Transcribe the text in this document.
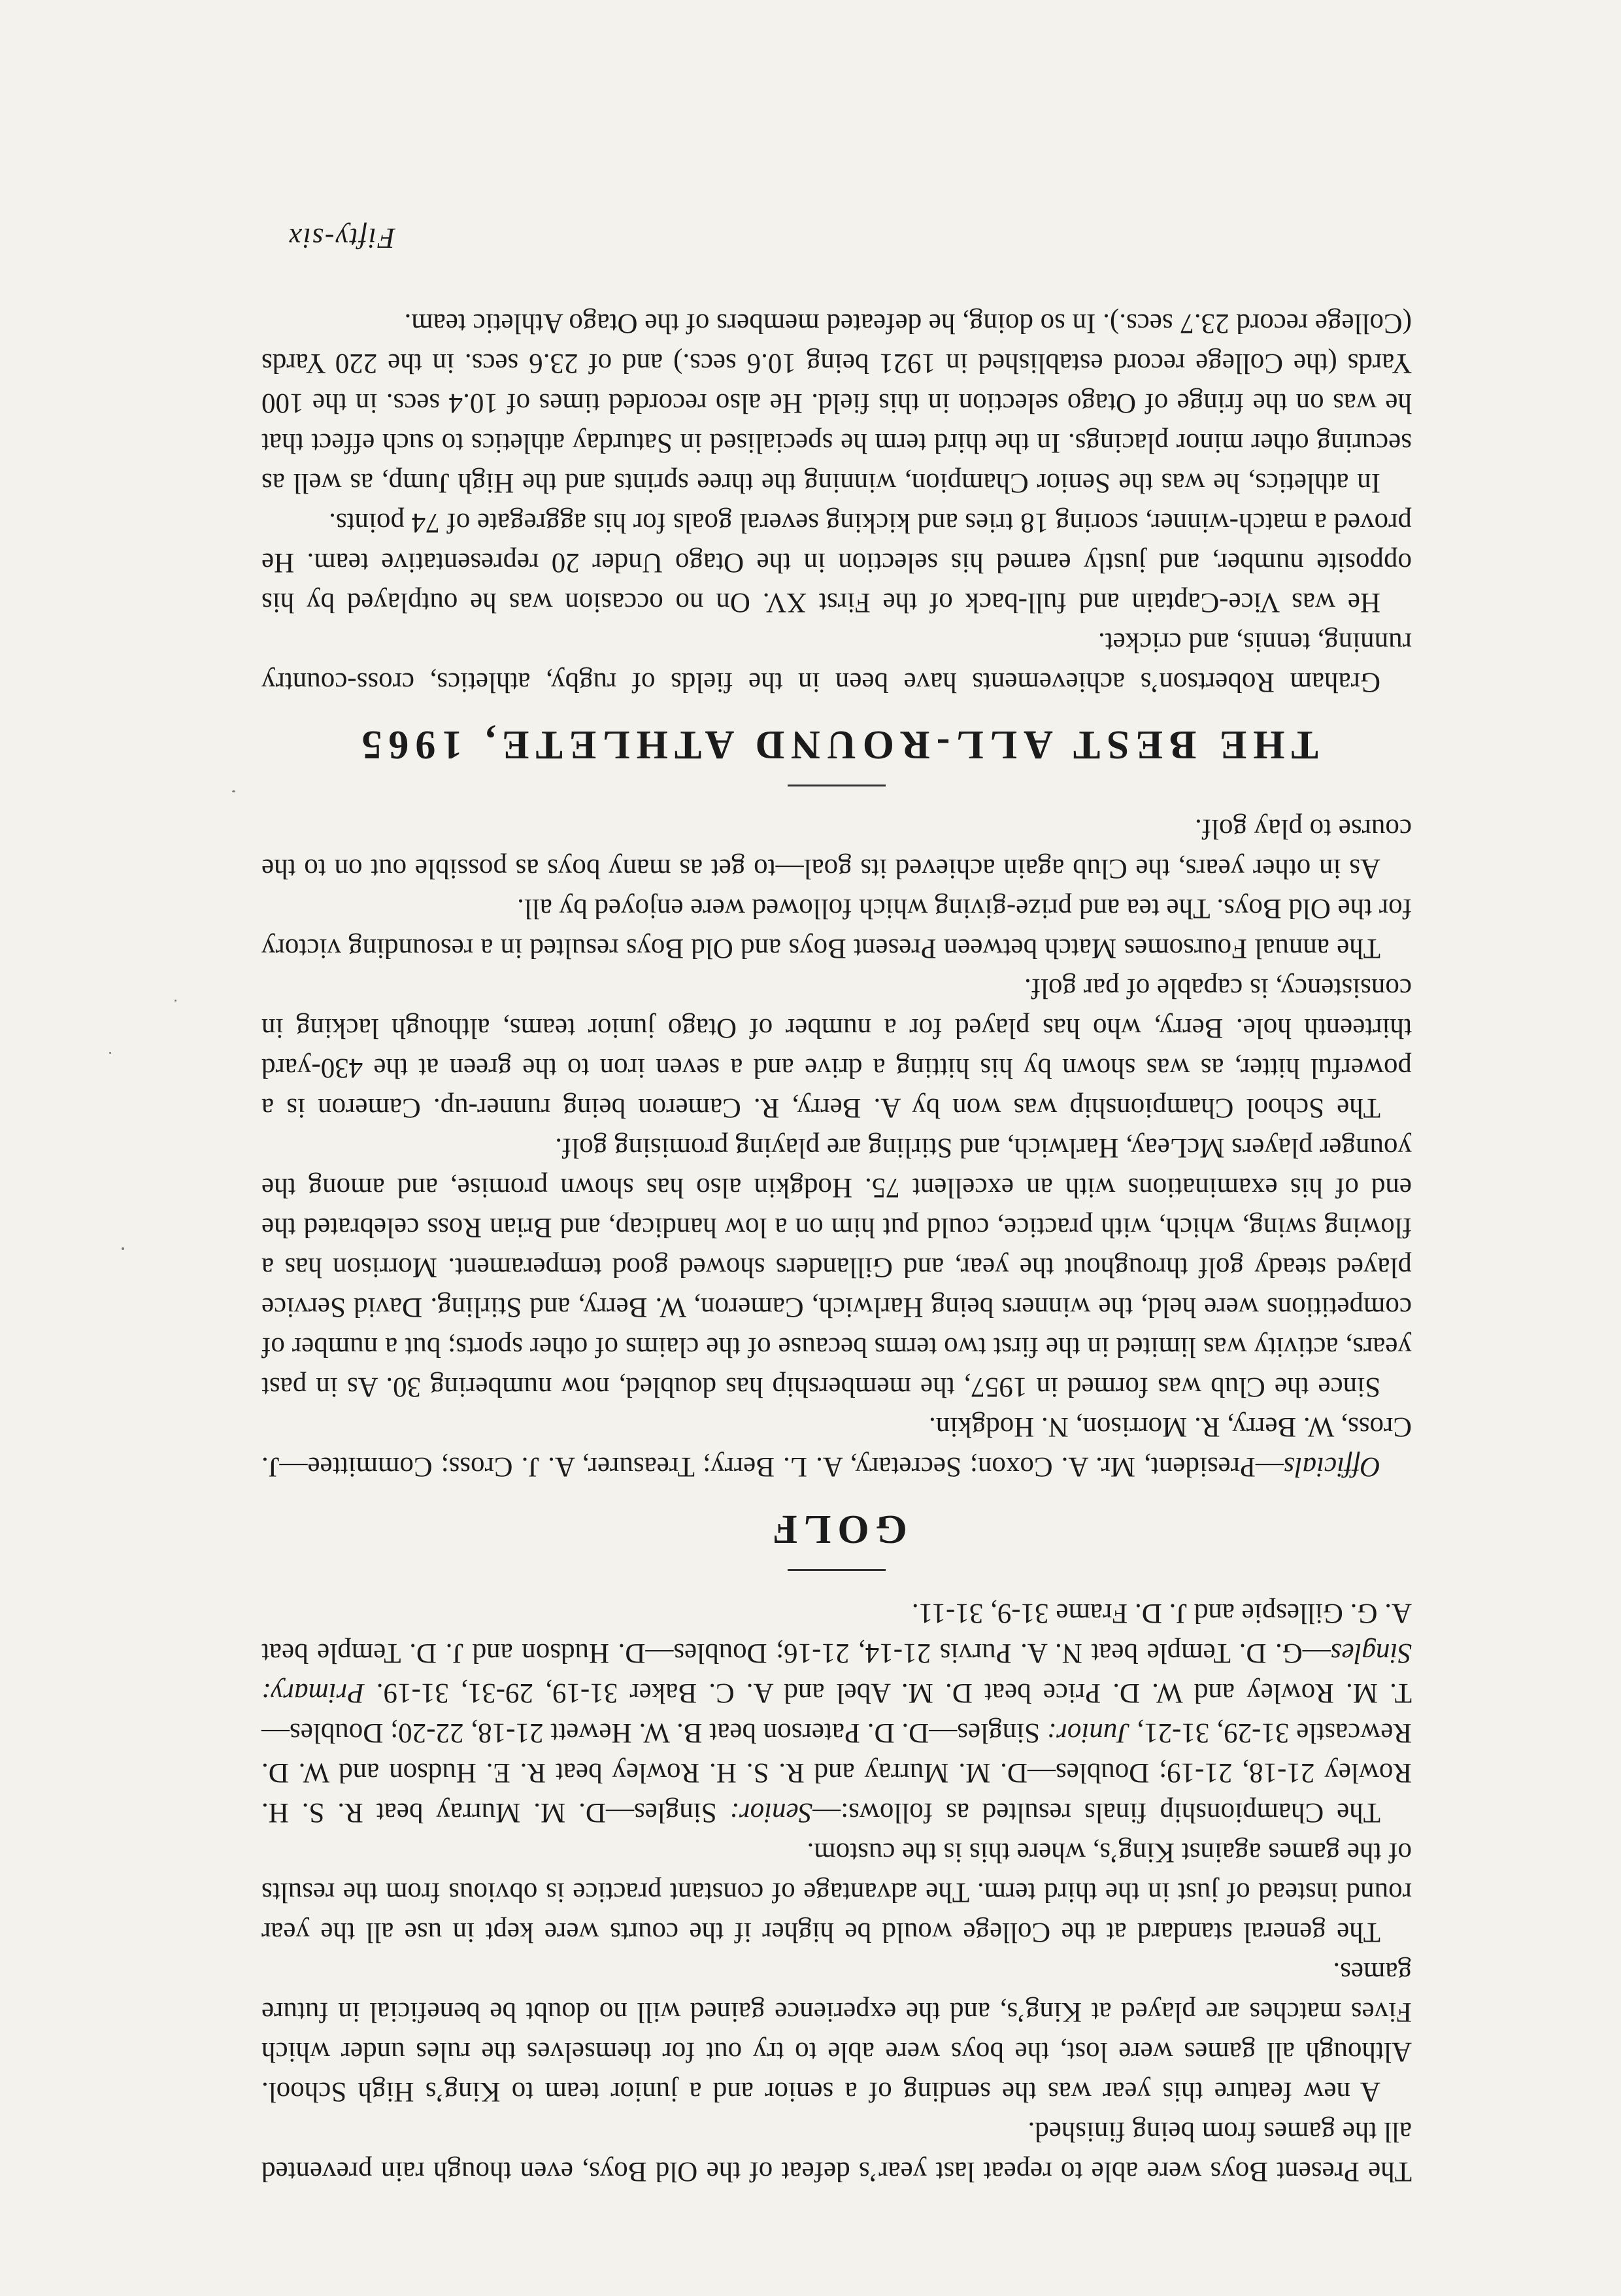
The Present Boys were able to repeat last year’s defeat of the Old Boys, even though rain prevented all the games from being finished.

A new feature this year was the sending of a senior and a junior team to King’s High School. Although all games were lost, the boys were able to try out for themselves the rules under which Fives matches are played at King’s, and the experience gained will no doubt be beneficial in future games.

The general standard at the College would be higher if the courts were kept in use all the year round instead of just in the third term. The advantage of constant practice is obvious from the results of the games against King’s, where this is the custom.

The Championship finals resulted as follows:—Senior: Singles—D. M. Murray beat R. S. H. Rowley 21-18, 21-19; Doubles—D. M. Murray and R. S. H. Rowley beat R. E. Hudson and W. D. Rewcastle 31-29, 31-21, Junior: Singles—D. D. Paterson beat B. W. Hewett 21-18, 22-20; Doubles—T. M. Rowley and W. D. Price beat D. M. Abel and A. C. Baker 31-19, 29-31, 31-19. Primary: Singles—G. D. Temple beat N. A. Purvis 21-14, 21-16; Doubles—D. Hudson and J. D. Temple beat A. G. Gillespie and J. D. Frame 31-9, 31-11.

GOLF

Officials—President, Mr. A. Coxon; Secretary, A. L. Berry; Treasurer, A. J. Cross; Committee—J. Cross, W. Berry, R. Morrison, N. Hodgkin.

Since the Club was formed in 1957, the membership has doubled, now numbering 30. As in past years, activity was limited in the first two terms because of the claims of other sports; but a number of competitions were held, the winners being Harlwich, Cameron, W. Berry, and Stirling. David Service played steady golf throughout the year, and Gillanders showed good temperament. Morrison has a flowing swing, which, with practice, could put him on a low handicap, and Brian Ross celebrated the end of his examinations with an excellent 75. Hodgkin also has shown promise, and among the younger players McLeay, Harlwich, and Stirling are playing promising golf.

The School Championship was won by A. Berry, R. Cameron being runner-up. Cameron is a powerful hitter, as was shown by his hitting a drive and a seven iron to the green at the 430-yard thirteenth hole. Berry, who has played for a number of Otago junior teams, although lacking in consistency, is capable of par golf.

The annual Foursomes Match between Present Boys and Old Boys resulted in a resounding victory for the Old Boys. The tea and prize-giving which followed were enjoyed by all.

As in other years, the Club again achieved its goal—to get as many boys as possible out on to the course to play golf.

THE BEST ALL-ROUND ATHLETE, 1965

Graham Robertson’s achievements have been in the fields of rugby, athletics, cross-country running, tennis, and cricket.

He was Vice-Captain and full-back of the First XV. On no occasion was he outplayed by his opposite number, and justly earned his selection in the Otago Under 20 representative team. He proved a match-winner, scoring 18 tries and kicking several goals for his aggregate of 74 points.

In athletics, he was the Senior Champion, winning the three sprints and the High Jump, as well as securing other minor placings. In the third term he specialised in Saturday athletics to such effect that he was on the fringe of Otago selection in this field. He also recorded times of 10.4 secs. in the 100 Yards (the College record established in 1921 being 10.6 secs.) and of 23.6 secs. in the 220 Yards (College record 23.7 secs.). In so doing, he defeated members of the Otago Athletic team.

Fifty-six
